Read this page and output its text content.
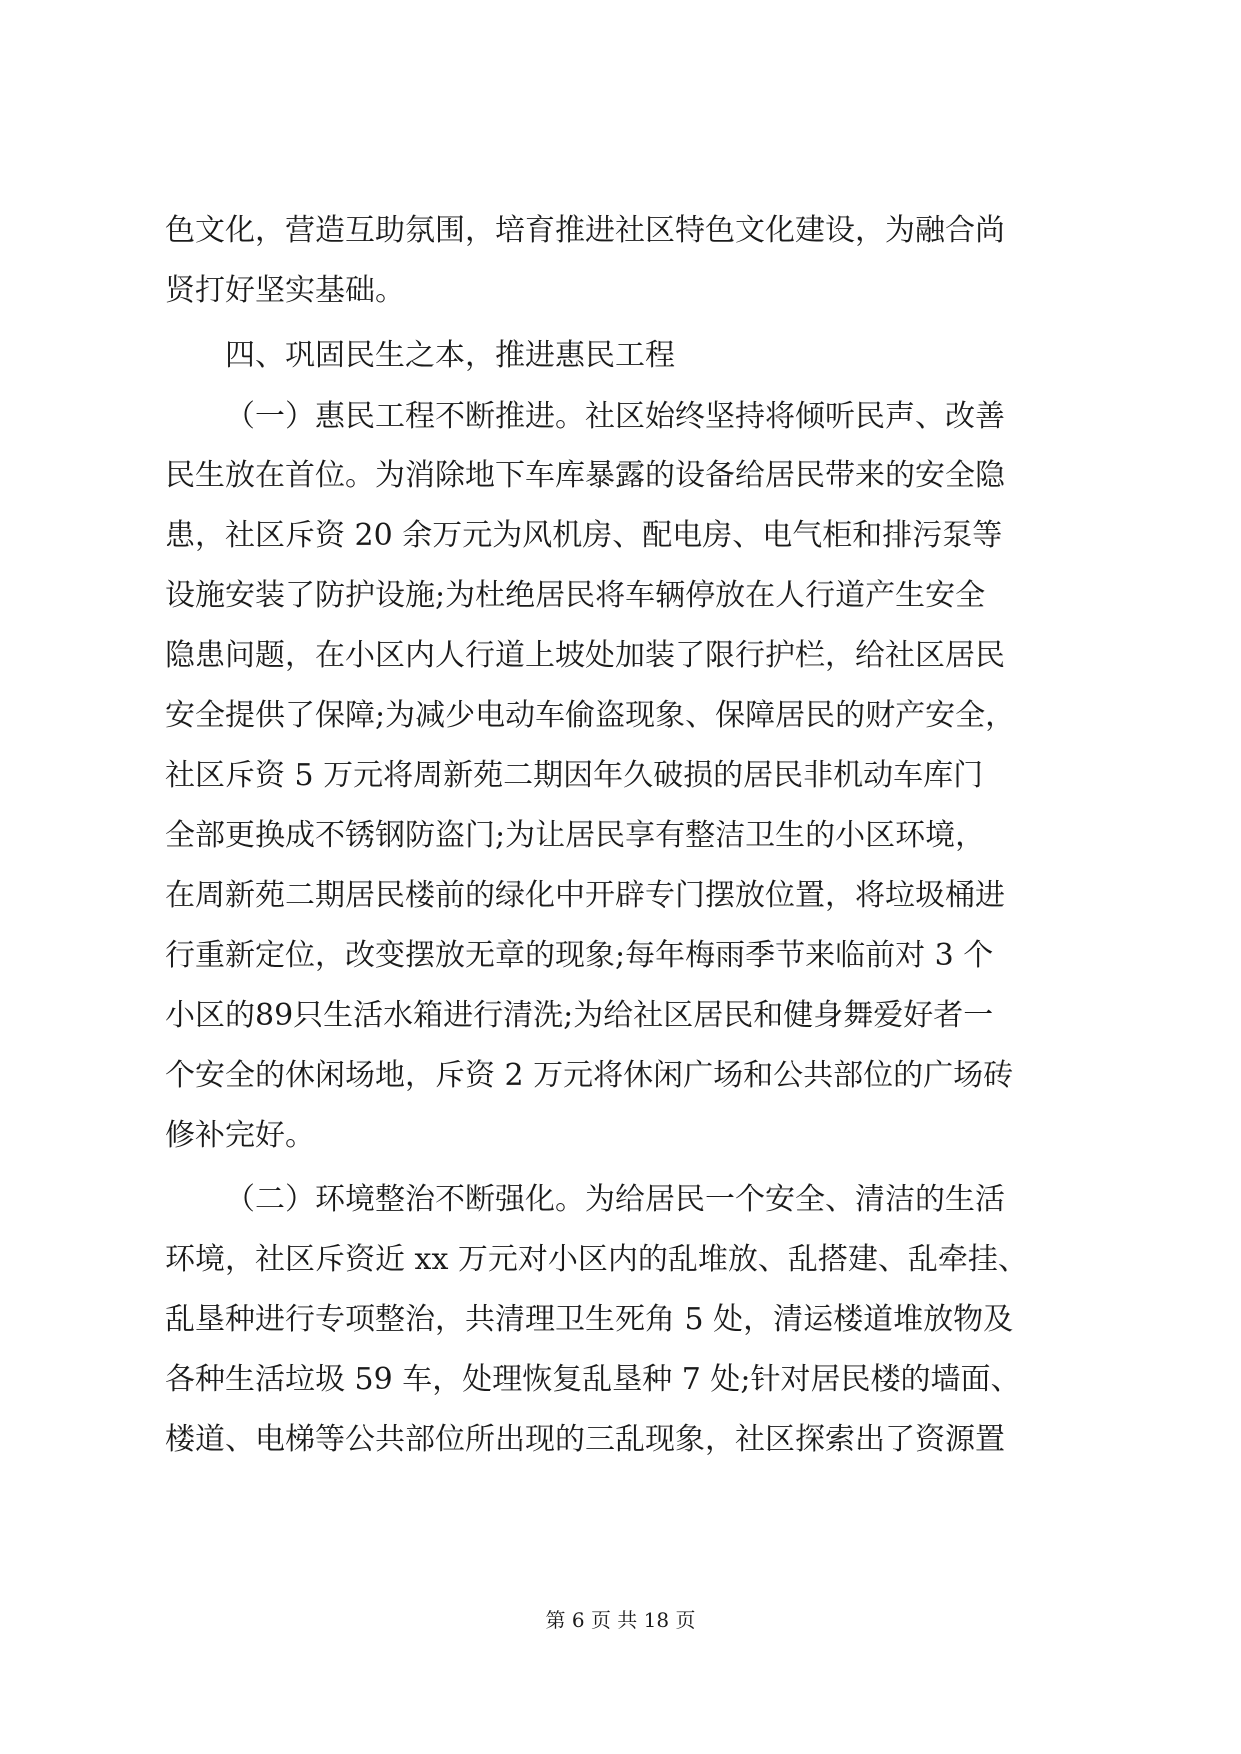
色文化，营造互助氛围，培育推进社区特色文化建设，为融合尚
贤打好坚实基础。
四、巩固民生之本，推进惠民工程
（一）惠民工程不断推进。社区始终坚持将倾听民声、改善
民生放在首位。为消除地下车库暴露的设备给居民带来的安全隐
患，社区斥资 20 余万元为风机房、配电房、电气柜和排污泵等
设施安装了防护设施;为杜绝居民将车辆停放在人行道产生安全
隐患问题，在小区内人行道上坡处加装了限行护栏，给社区居民
安全提供了保障;为减少电动车偷盗现象、保障居民的财产安全，
社区斥资 5 万元将周新苑二期因年久破损的居民非机动车库门
全部更换成不锈钢防盗门;为让居民享有整洁卫生的小区环境，
在周新苑二期居民楼前的绿化中开辟专门摆放位置，将垃圾桶进
行重新定位，改变摆放无章的现象;每年梅雨季节来临前对 3 个
小区的89只生活水箱进行清洗;为给社区居民和健身舞爱好者一
个安全的休闲场地，斥资 2 万元将休闲广场和公共部位的广场砖
修补完好。
（二）环境整治不断强化。为给居民一个安全、清洁的生活
环境，社区斥资近 xx 万元对小区内的乱堆放、乱搭建、乱牵挂、
乱垦种进行专项整治，共清理卫生死角 5 处，清运楼道堆放物及
各种生活垃圾 59 车，处理恢复乱垦种 7 处;针对居民楼的墙面、
楼道、电梯等公共部位所出现的三乱现象，社区探索出了资源置
第 6 页 共 18 页
